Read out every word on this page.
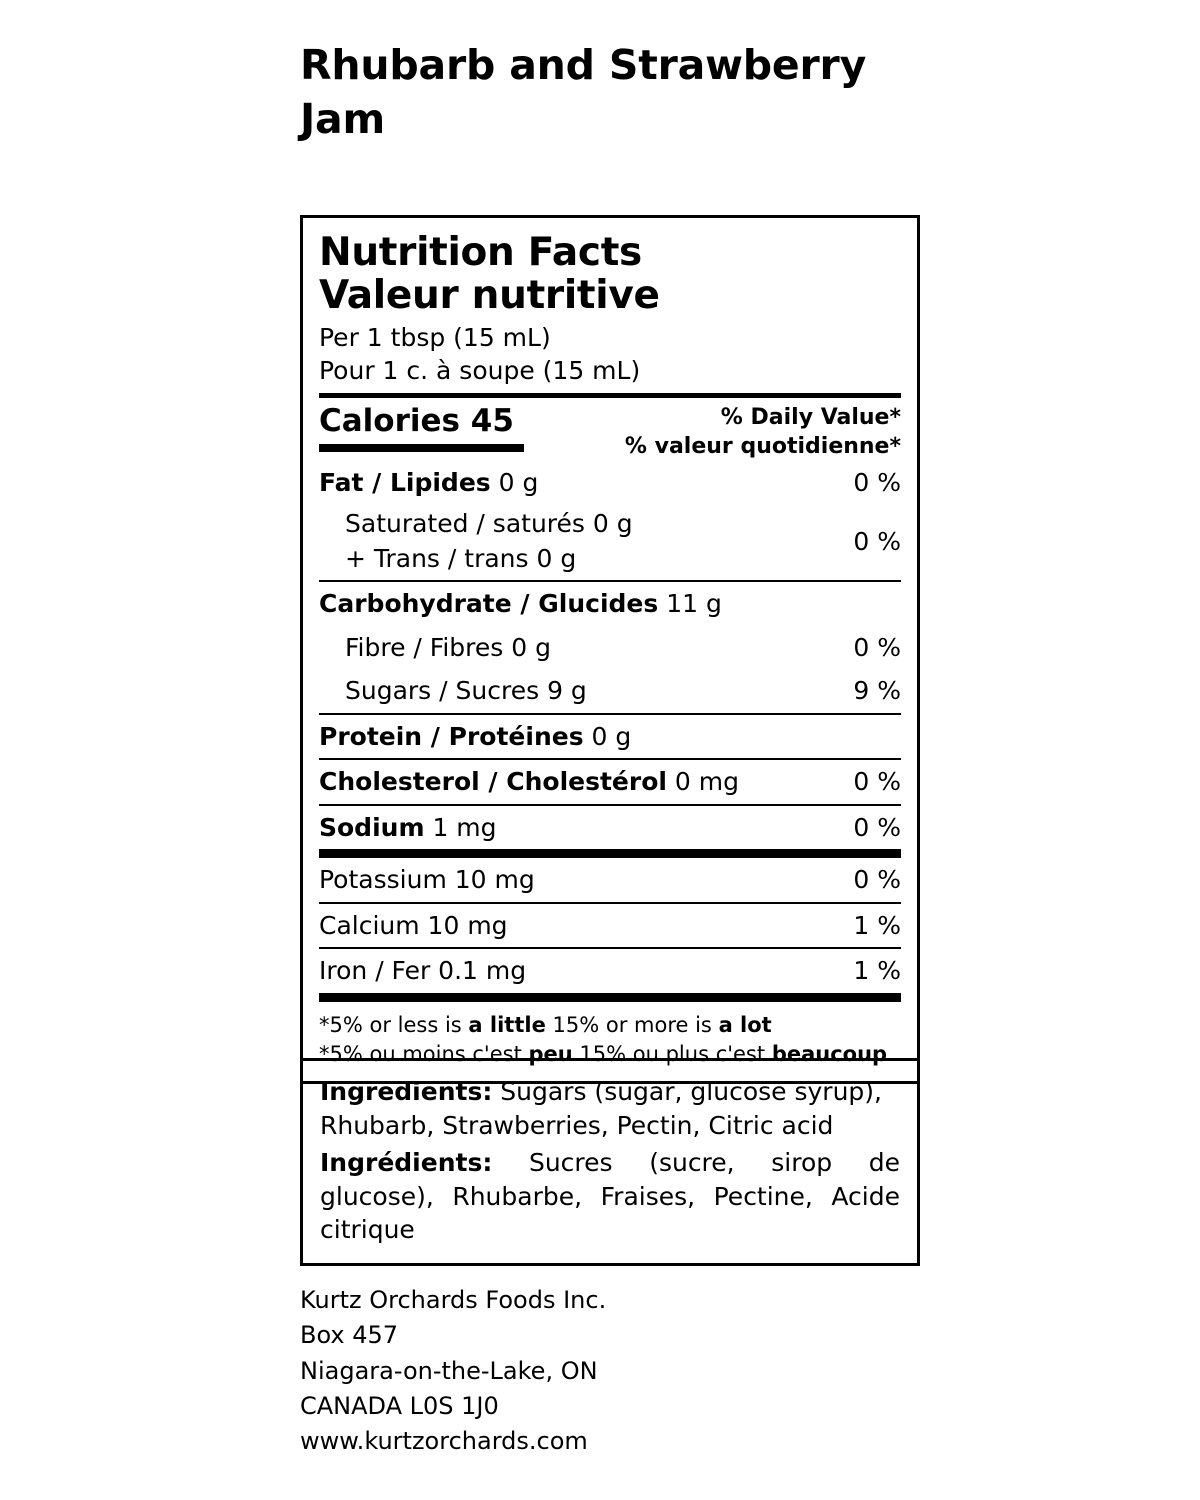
Rhubarb and Strawberry Jam
Nutrition Facts
Valeur nutritive
Per 1 tbsp (15 mL)
Pour 1 c. à soupe (15 mL)
Calories 45	% Daily Value*
% valeur quotidienne*
Fat / Lipides 0 g	0 %
Saturated / saturés 0 g
+ Trans / trans 0 g
0 %
Carbohydrate / Glucides 11 g
Fibre / Fibres 0 g	0 %
Sugars / Sucres 9 g	9 %
Protein / Protéines 0 g
Cholesterol / Cholestérol 0 mg	0 %
Sodium 1 mg	0 %
Potassium 10 mg	0 %
Calcium 10 mg	1 %
Iron / Fer 0.1 mg	1 %
*5% or less is a little 15% or more is a lot
*5% ou moins c'est peu 15% ou plus c'est beaucoup
Ingredients: Sugars (sugar, glucose syrup), Rhubarb, Strawberries, Pectin, Citric acid
Ingrédients: Sucres (sucre, sirop de glucose), Rhubarbe, Fraises, Pectine, Acide citrique
Kurtz Orchards Foods Inc.
Box 457
Niagara-on-the-Lake, ON
CANADA L0S 1J0
www.kurtzorchards.com
